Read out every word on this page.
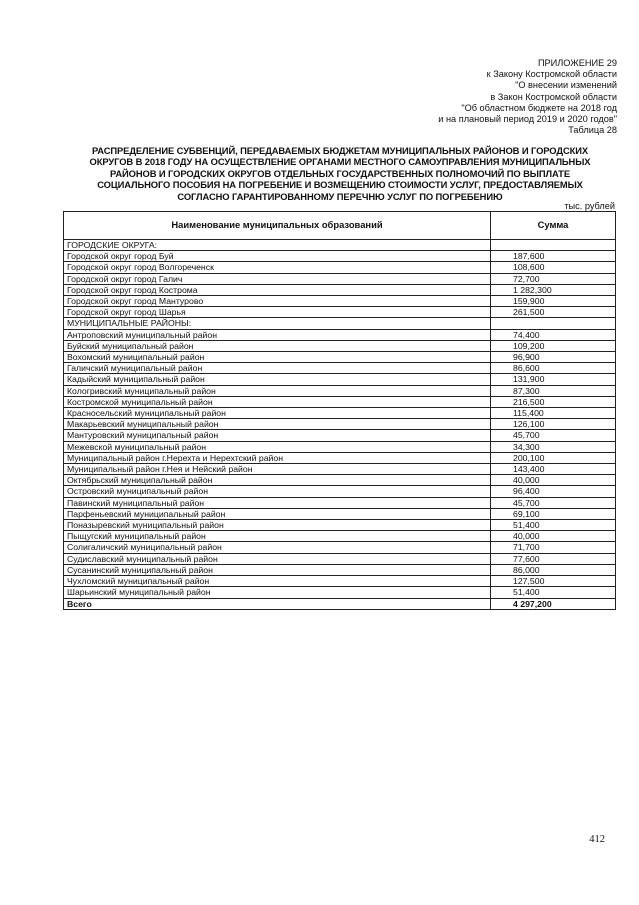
ПРИЛОЖЕНИЕ 29
к Закону Костромской области
"О внесении изменений
в Закон Костромской области
"Об областном бюджете на 2018 год
и на плановый период 2019 и 2020 годов"
Таблица 28
РАСПРЕДЕЛЕНИЕ СУБВЕНЦИЙ, ПЕРЕДАВАЕМЫХ БЮДЖЕТАМ МУНИЦИПАЛЬНЫХ РАЙОНОВ И ГОРОДСКИХ
ОКРУГОВ В 2018 ГОДУ НА ОСУЩЕСТВЛЕНИЕ ОРГАНАМИ МЕСТНОГО САМОУПРАВЛЕНИЯ МУНИЦИПАЛЬНЫХ
РАЙОНОВ И ГОРОДСКИХ ОКРУГОВ ОТДЕЛЬНЫХ ГОСУДАРСТВЕННЫХ ПОЛНОМОЧИЙ ПО ВЫПЛАТЕ
СОЦИАЛЬНОГО ПОСОБИЯ НА ПОГРЕБЕНИЕ И ВОЗМЕЩЕНИЮ СТОИМОСТИ УСЛУГ, ПРЕДОСТАВЛЯЕМЫХ
СОГЛАСНО ГАРАНТИРОВАННОМУ ПЕРЕЧНЮ УСЛУГ ПО ПОГРЕБЕНИЮ
тыс. рублей
Наименование муниципальных образований	Сумма
ГОРОДСКИЕ ОКРУГА:	
Городской округ город Буй	187,600
Городской округ город Волгореченск	108,600
Городской округ город Галич	72,700
Городской округ город Кострома	1 282,300
Городской округ город Мантурово	159,900
Городской округ город Шарья	261,500
МУНИЦИПАЛЬНЫЕ РАЙОНЫ:	
Антроповский муниципальный район	74,400
Буйский муниципальный район	109,200
Вохомский муниципальный район	96,900
Галичский муниципальный район	86,600
Кадыйский муниципальный район	131,900
Кологривский муниципальный район	87,300
Костромской муниципальный район	216,500
Красносельский муниципальный район	115,400
Макарьевский муниципальный район	126,100
Мантуровский муниципальный район	45,700
Межевской муниципальный район	34,300
Муниципальный район г.Нерехта и Нерехтский район	200,100
Муниципальный район г.Нея и Нейский район	143,400
Октябрьский муниципальный район	40,000
Островский муниципальный район	96,400
Павинский муниципальный район	45,700
Парфеньевский муниципальный район	69,100
Поназыревский муниципальный район	51,400
Пыщугский муниципальный район	40,000
Солигаличский муниципальный район	71,700
Судиславский муниципальный район	77,600
Сусанинский муниципальный район	86,000
Чухломский муниципальный район	127,500
Шарьинский муниципальный район	51,400
Всего	4 297,200
412
